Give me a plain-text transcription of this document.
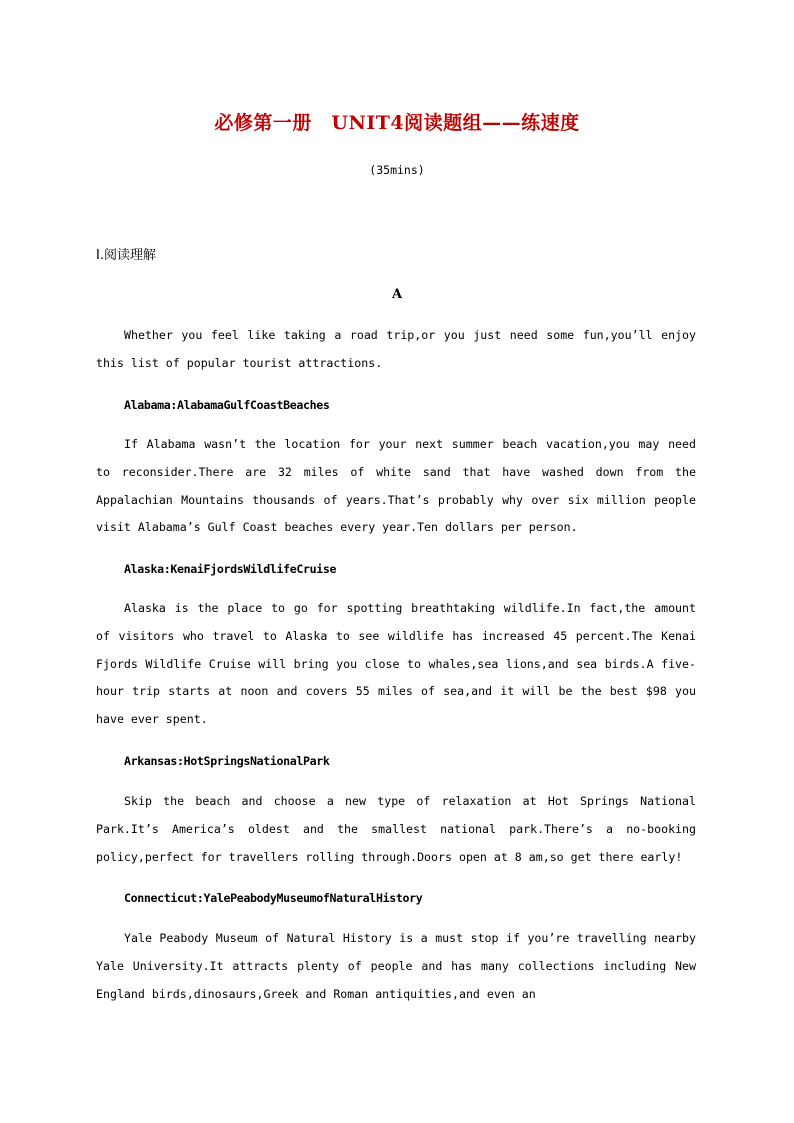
必修第一册　UNIT4阅读题组——练速度
(35mins)
Ⅰ.阅读理解
A

Whether you feel like taking a road trip,or you just need some fun,you’ll enjoy this list of popular tourist attractions.

Alabama:AlabamaGulfCoastBeaches

If Alabama wasn’t the location for your next summer beach vacation,you may need to reconsider.There are 32 miles of white sand that have washed down from the Appalachian Mountains thousands of years.That’s probably why over six million people visit Alabama’s Gulf Coast beaches every year.Ten dollars per person.

Alaska:KenaiFjordsWildlifeCruise

Alaska is the place to go for spotting breathtaking wildlife.In fact,the amount of visitors who travel to Alaska to see wildlife has increased 45 percent.The Kenai Fjords Wildlife Cruise will bring you close to whales,sea lions,and sea birds.A five-hour trip starts at noon and covers 55 miles of sea,and it will be the best $98 you have ever spent.

Arkansas:HotSpringsNationalPark

Skip the beach and choose a new type of relaxation at Hot Springs National Park.It’s America’s oldest and the smallest national park.There’s a no-booking policy,perfect for travellers rolling through.Doors open at 8 am,so get there early!

Connecticut:YalePeabodyMuseumofNaturalHistory

Yale Peabody Museum of Natural History is a must stop if you’re travelling nearby Yale University.It attracts plenty of people and has many collections including New England birds,dinosaurs,Greek and Roman antiquities,and even an
